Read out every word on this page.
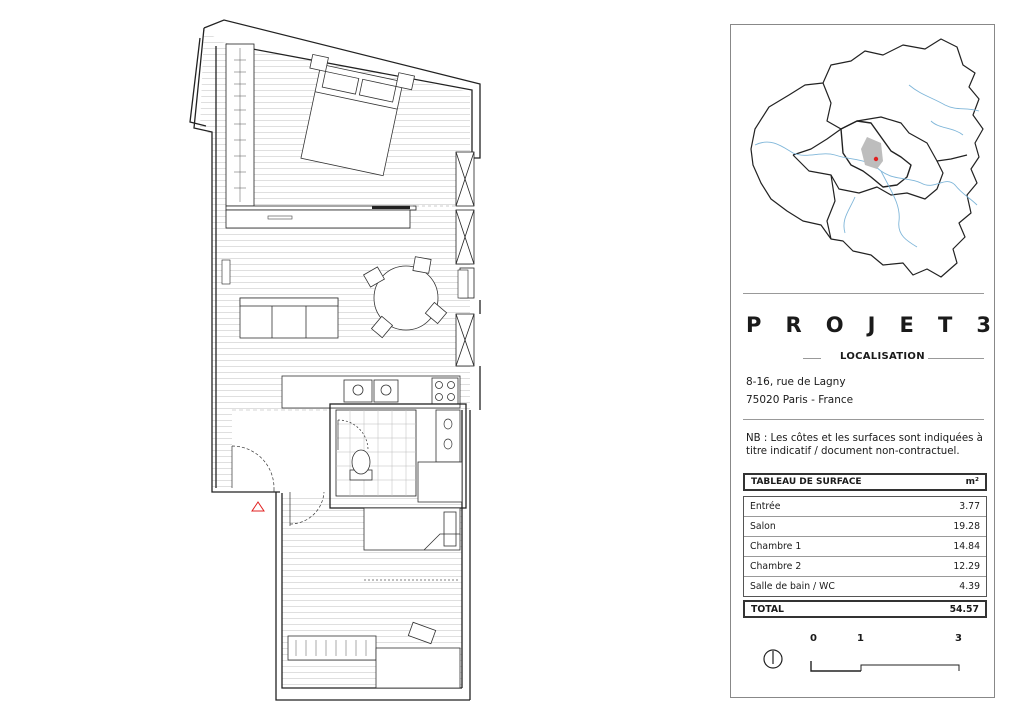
P R O J E T 3
LOCALISATION
8-16, rue de Lagny
75020 Paris - France
NB : Les côtes et les surfaces sont indiquées à titre indicatif / document non-contractuel.
TABLEAU DE SURFACE	m²
Entrée	3.77
Salon	19.28
Chambre 1	14.84
Chambre 2	12.29
Salle de bain / WC	4.39
TOTAL	54.57
0	1	3
